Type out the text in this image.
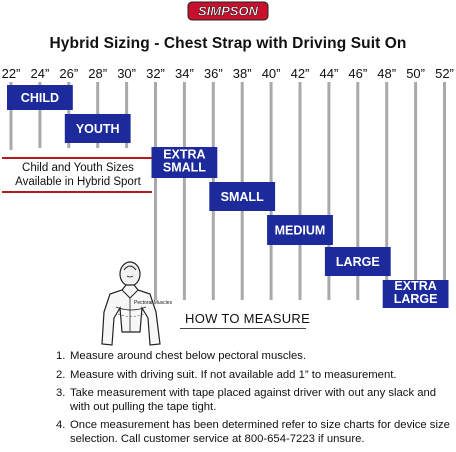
SIMPSON
Hybrid Sizing - Chest Strap with Driving Suit On
22” 24” 26” 28” 30” 32” 34” 36” 38” 40” 42” 44” 46” 48” 50” 52”
CHILD
YOUTH
EXTRA
SMALL
SMALL
MEDIUM
LARGE
EXTRA
LARGE
Child and Youth Sizes
Available in Hybrid Sport
Pectoral Muscles
HOW TO MEASURE
1. Measure around chest below pectoral muscles.
2. Measure with driving suit. If not available add 1” to measurement.
3. Take measurement with tape placed against driver with out any slack and with out pulling the tape tight.
4. Once measurement has been determined refer to size charts for device size selection. Call customer service at 800-654-7223 if unsure.
